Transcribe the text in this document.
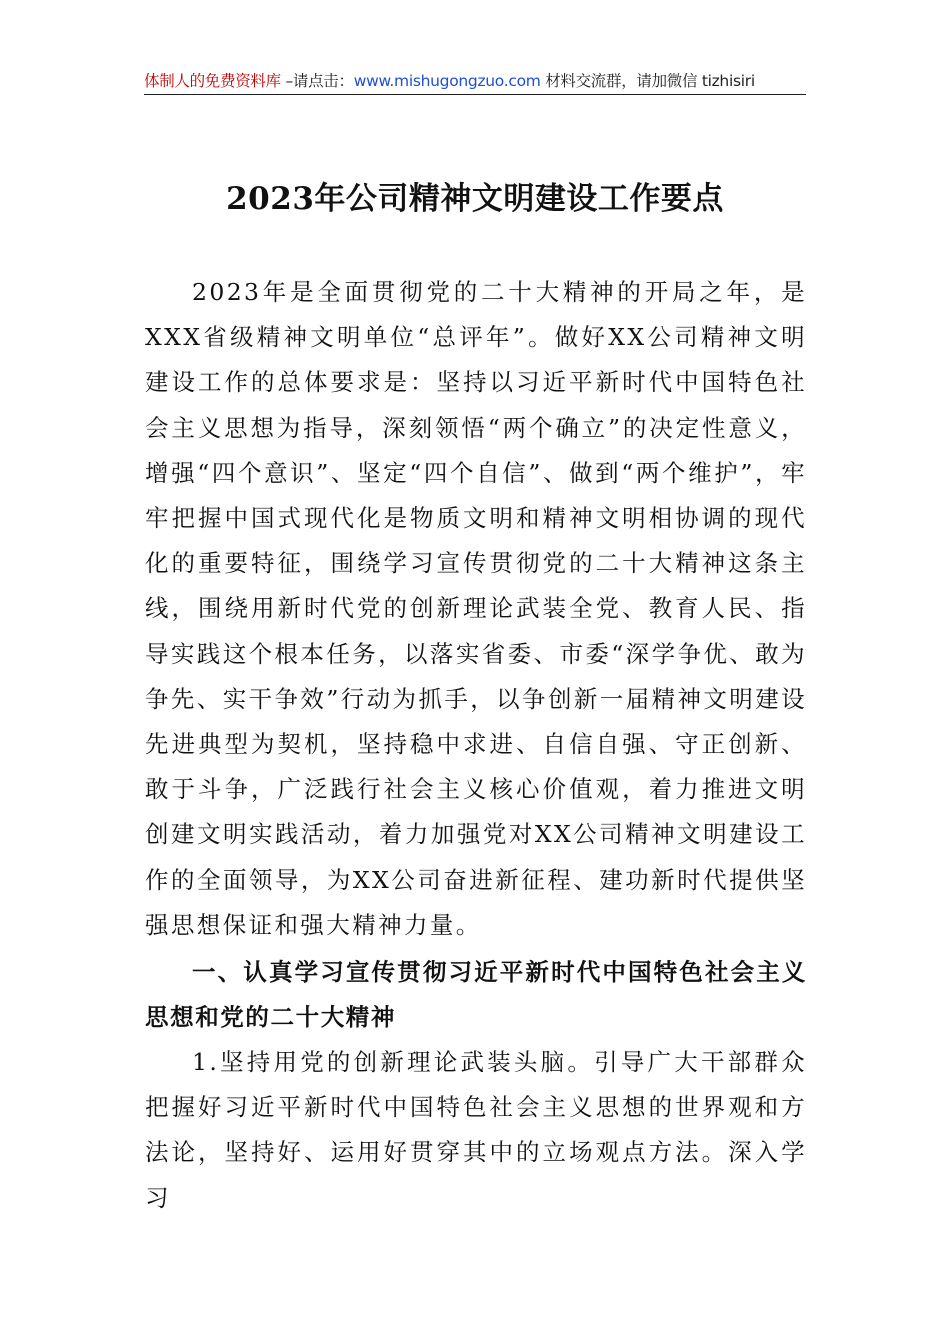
体制人的免费资料库 –请点击：www.mishugongzuo.com 材料交流群，请加微信 tizhisiri
2023年公司精神文明建设工作要点

2023年是全面贯彻党的二十大精神的开局之年，是XXX省级精神文明单位“总评年”。做好XX公司精神文明建设工作的总体要求是：坚持以习近平新时代中国特色社会主义思想为指导，深刻领悟“两个确立”的决定性意义，增强“四个意识”、坚定“四个自信”、做到“两个维护”，牢牢把握中国式现代化是物质文明和精神文明相协调的现代化的重要特征，围绕学习宣传贯彻党的二十大精神这条主线，围绕用新时代党的创新理论武装全党、教育人民、指导实践这个根本任务，以落实省委、市委“深学争优、敢为争先、实干争效”行动为抓手，以争创新一届精神文明建设先进典型为契机，坚持稳中求进、自信自强、守正创新、敢于斗争，广泛践行社会主义核心价值观，着力推进文明创建文明实践活动，着力加强党对XX公司精神文明建设工作的全面领导，为XX公司奋进新征程、建功新时代提供坚强思想保证和强大精神力量。

一、认真学习宣传贯彻习近平新时代中国特色社会主义思想和党的二十大精神

1.坚持用党的创新理论武装头脑。引导广大干部群众把握好习近平新时代中国特色社会主义思想的世界观和方法论，坚持好、运用好贯穿其中的立场观点方法。深入学习
